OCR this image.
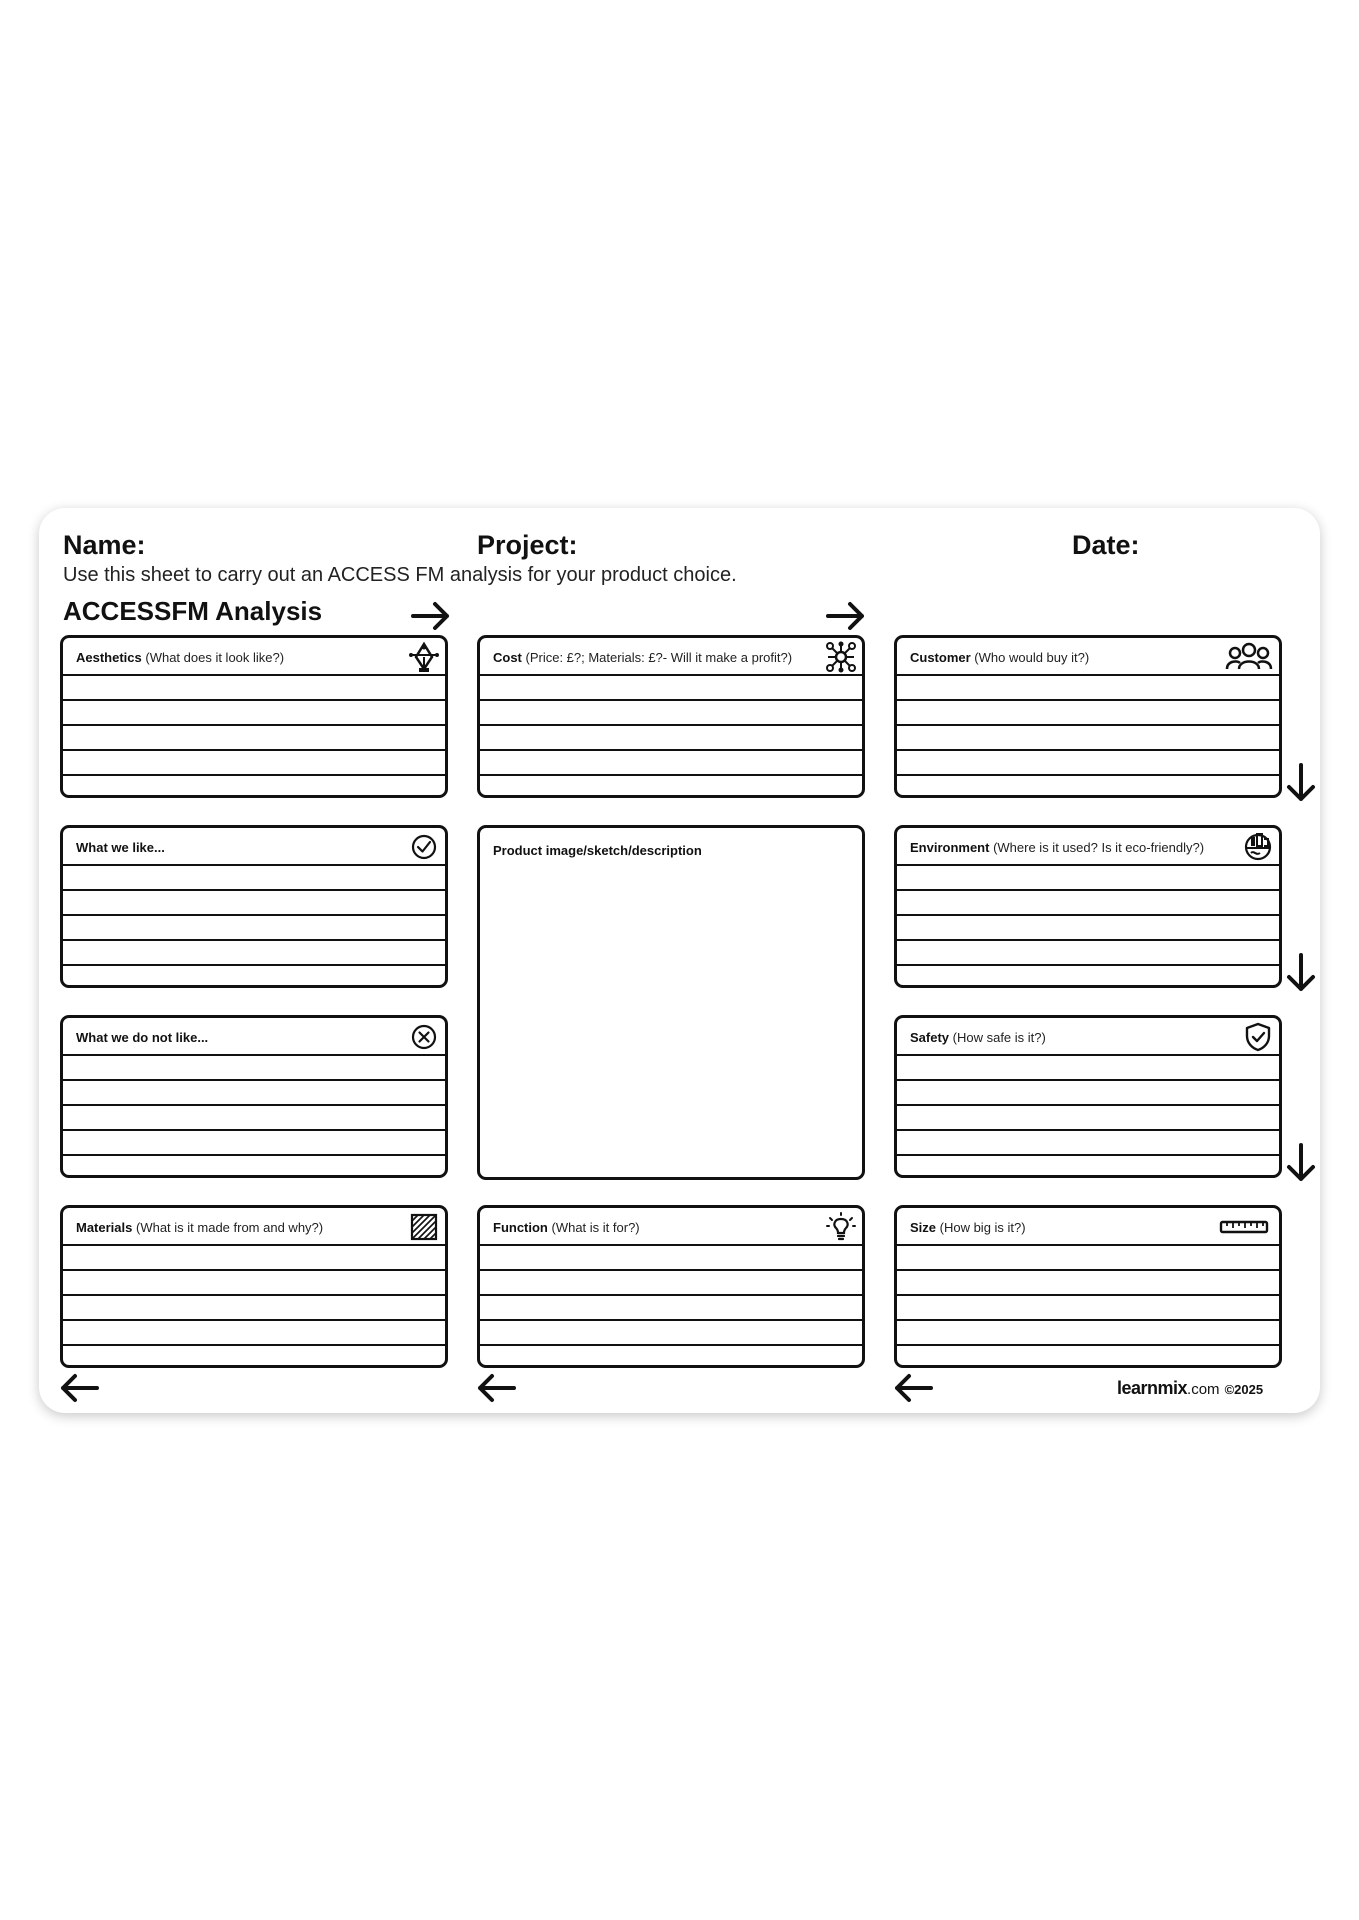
Name:	Project:	Date:
Use this sheet to carry out an ACCESS FM analysis for your product choice.
ACCESSFM Analysis
Aesthetics (What does it look like?)	Cost (Price: £?; Materials: £?- Will it make a profit?)	Customer (Who would buy it?)
What we like...	Product image/sketch/description	Environment (Where is it used? Is it eco-friendly?)
What we do not like...	Safety (How safe is it?)
Materials (What is it made from and why?)	Function (What is it for?)	Size (How big is it?)
learnmix.com ©2025
